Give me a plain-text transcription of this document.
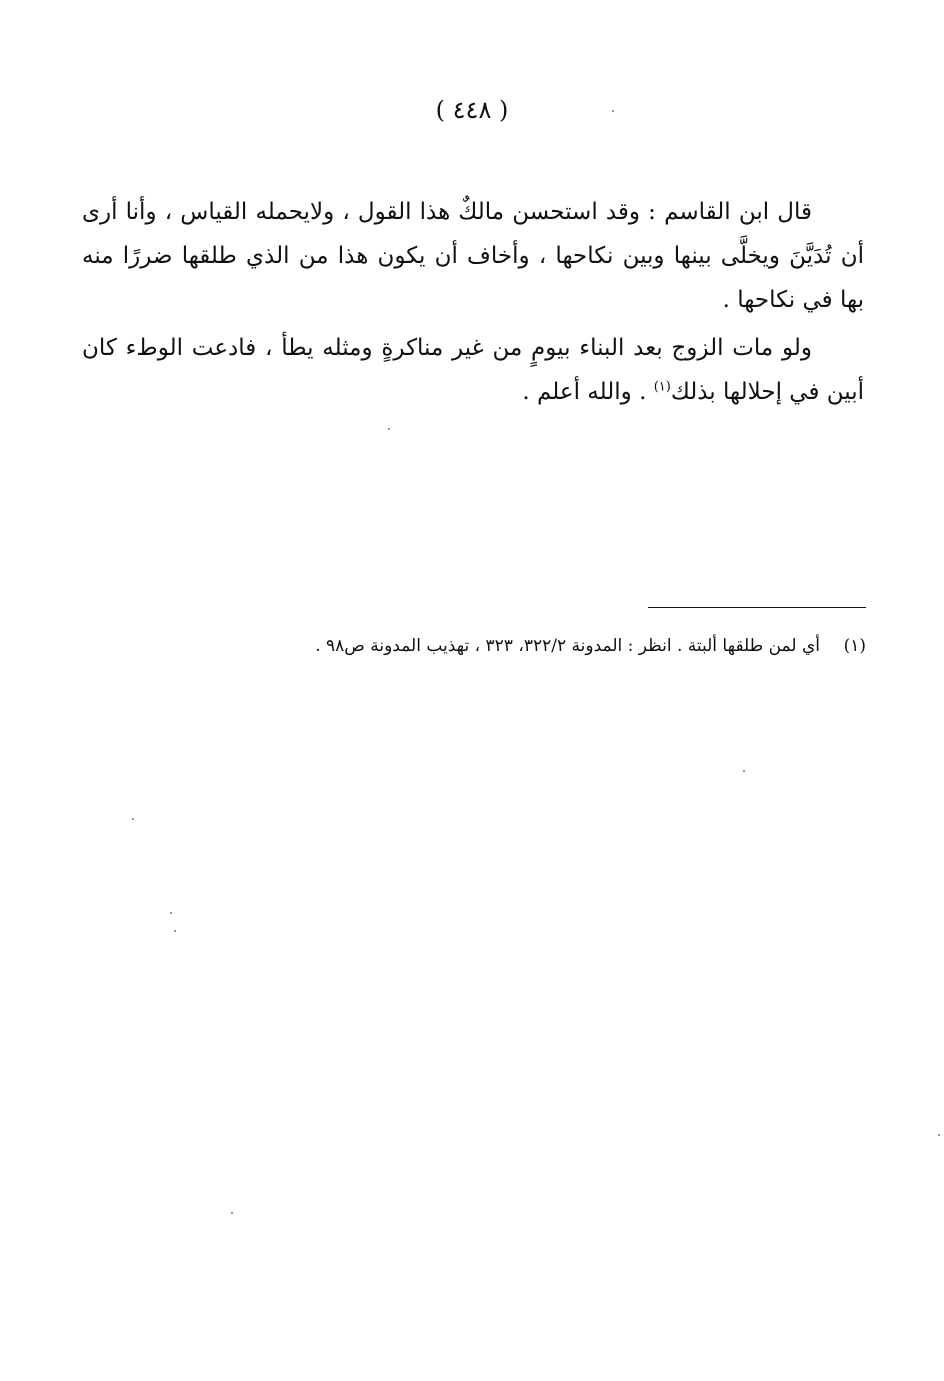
( ٤٤٨ )

قال ابن القاسم : وقد استحسن مالكٌ هذا القول ، ولايحمله القياس ، وأنا أرى أن تُدَيَّنَ ويخلَّى بينها وبين نكاحها ، وأخاف أن يكون هذا من الذي طلقها ضررًا منه بها في نكاحها .

ولو مات الزوج بعد البناء بيومٍ من غير مناكرةٍ ومثله يطأ ، فادعت الوطء كان أبين في إحلالها بذلك$^{(١)}$ . والله أعلم .

(١)أي لمن طلقها ألبتة . انظر : المدونة ٣٢٢/٢، ٣٢٣ ، تهذيب المدونة ص٩٨ .
